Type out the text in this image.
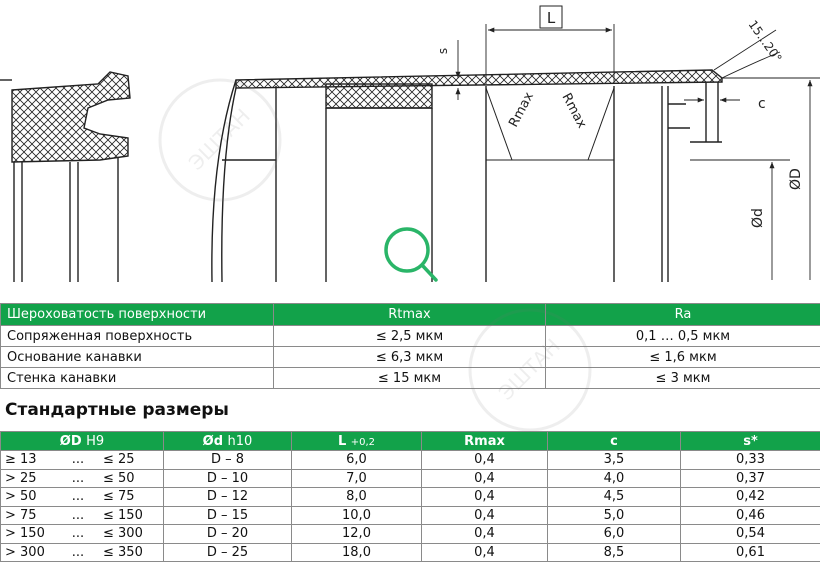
L
s
c
ØD
Ød
15...20°
Rmax Rmax
Шероховатость поверхности	Rtmax	Ra
Сопряженная поверхность	≤ 2,5 мкм	0,1 … 0,5 мкм
Основание канавки	≤ 6,3 мкм	≤ 1,6 мкм
Стенка канавки	≤ 15 мкм	≤ 3 мкм
Стандартные размеры
ØD H9	Ød h10	L +0,2	Rmax	c	s*

≥ 13 ... ≤ 25	D – 8	6,0	0,4	3,5	0,33

> 25 ... ≤ 50	D – 10	7,0	0,4	4,0	0,37

> 50 ... ≤ 75	D – 12	8,0	0,4	4,5	0,42

> 75 ... ≤ 150	D – 15	10,0	0,4	5,0	0,46

> 150 ... ≤ 300	D – 20	12,0	0,4	6,0	0,54

> 300 ... ≤ 350	D – 25	18,0	0,4	8,5	0,61
ЭШТАН
ЭШТАН
